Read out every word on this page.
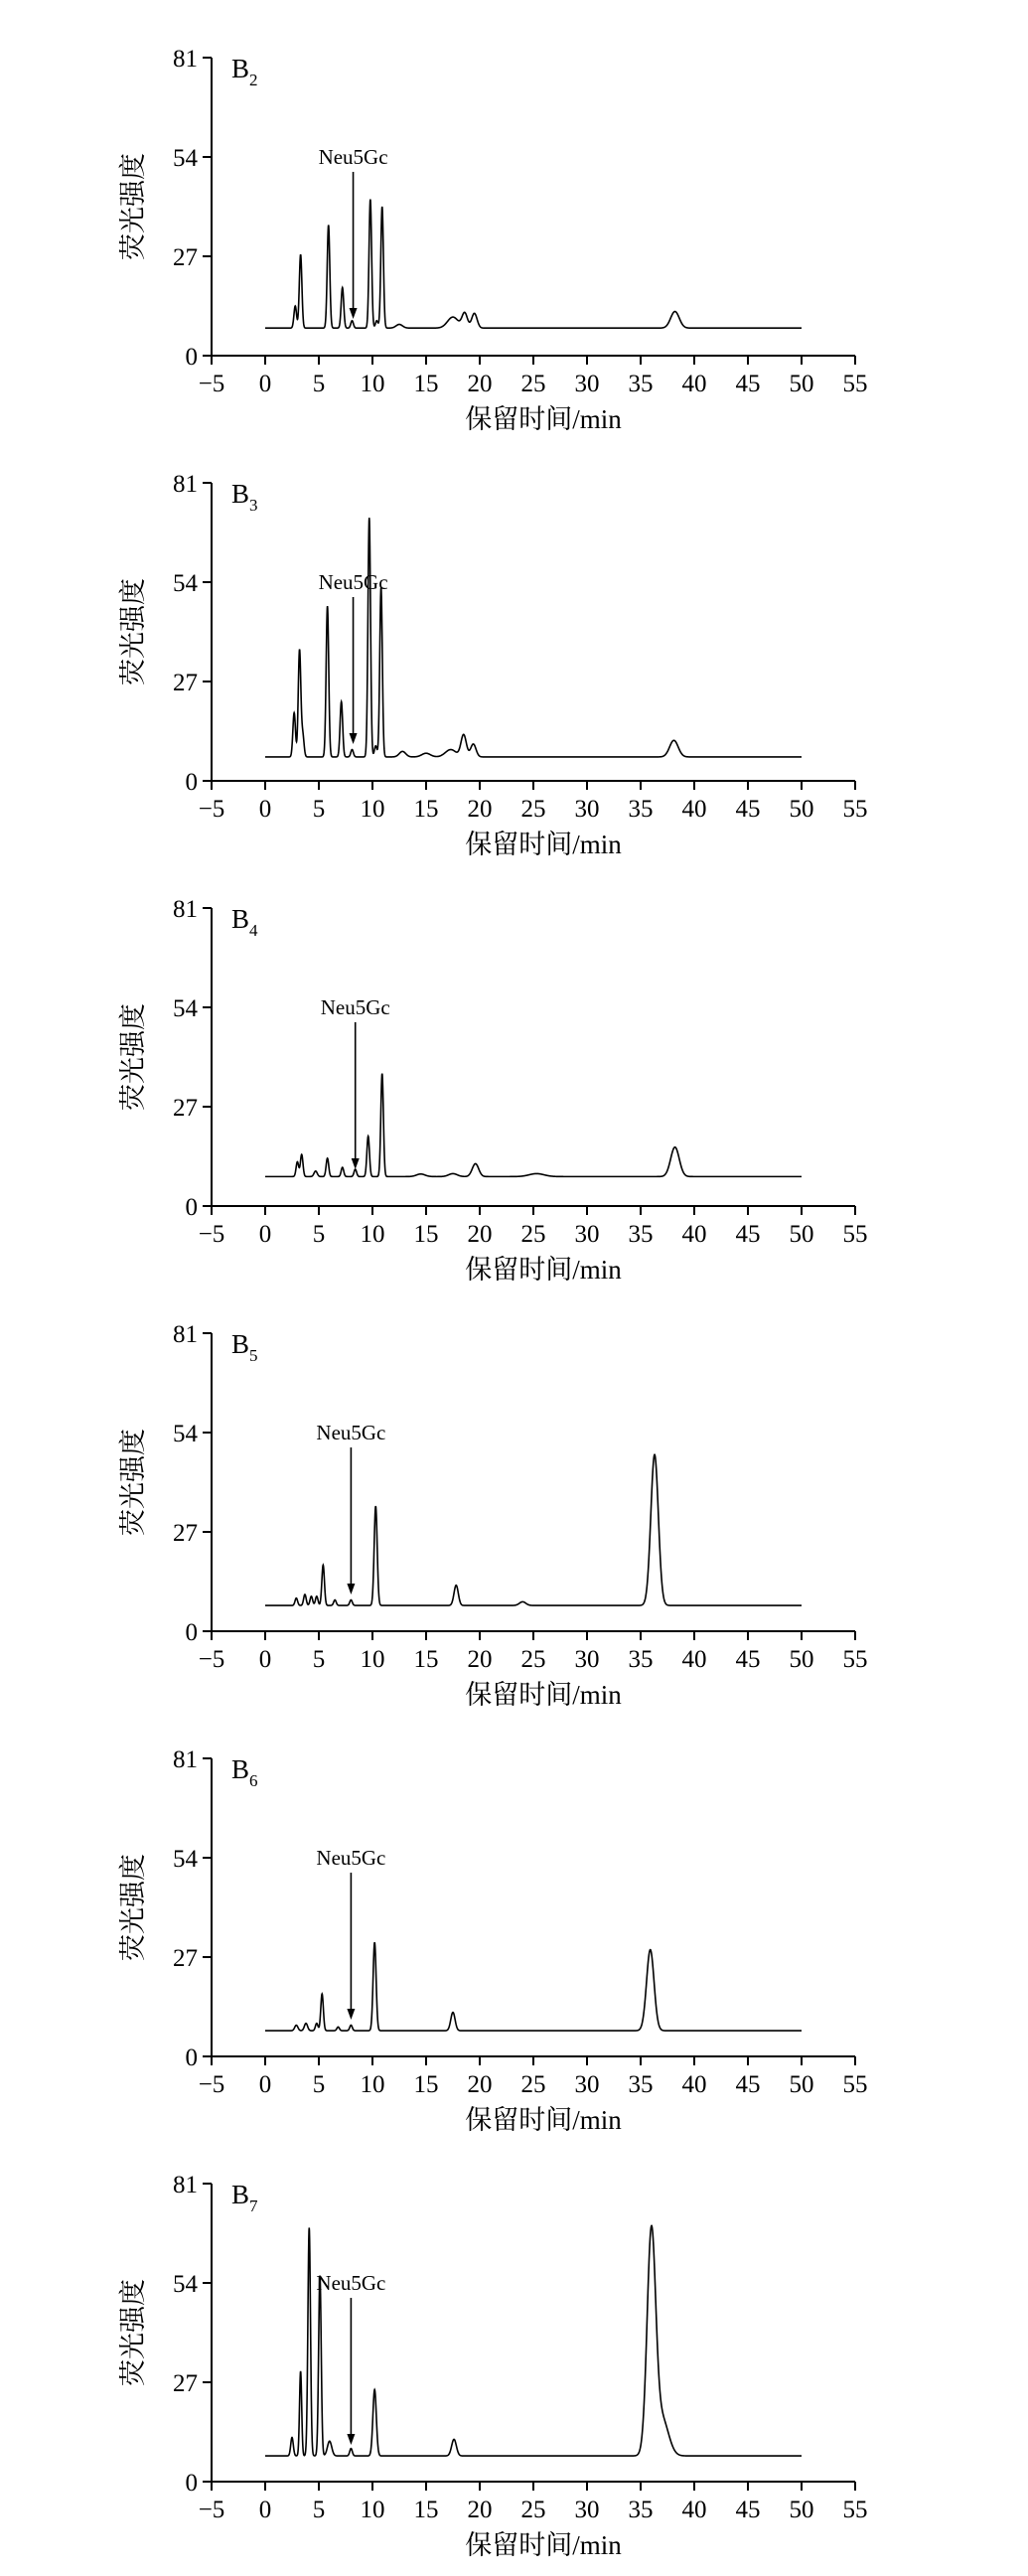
0
27
54
81
−5 0 5 10 15 20 25 30 35 40 45 50 55
保留时间/min
荧光强度
B 2
Neu5Gc
0
27
54
81
−5 0 5 10 15 20 25 30 35 40 45 50 55
保留时间/min
荧光强度
B 3
Neu5Gc
0
27
54
81
−5 0 5 10 15 20 25 30 35 40 45 50 55
保留时间/min
荧光强度
B 4
Neu5Gc
0
27
54
81
−5 0 5 10 15 20 25 30 35 40 45 50 55
保留时间/min
荧光强度
B 5
Neu5Gc
0
27
54
81
−5 0 5 10 15 20 25 30 35 40 45 50 55
保留时间/min
荧光强度
B 6
Neu5Gc
0
27
54
81
−5 0 5 10 15 20 25 30 35 40 45 50 55
保留时间/min
荧光强度
B 7
Neu5Gc
